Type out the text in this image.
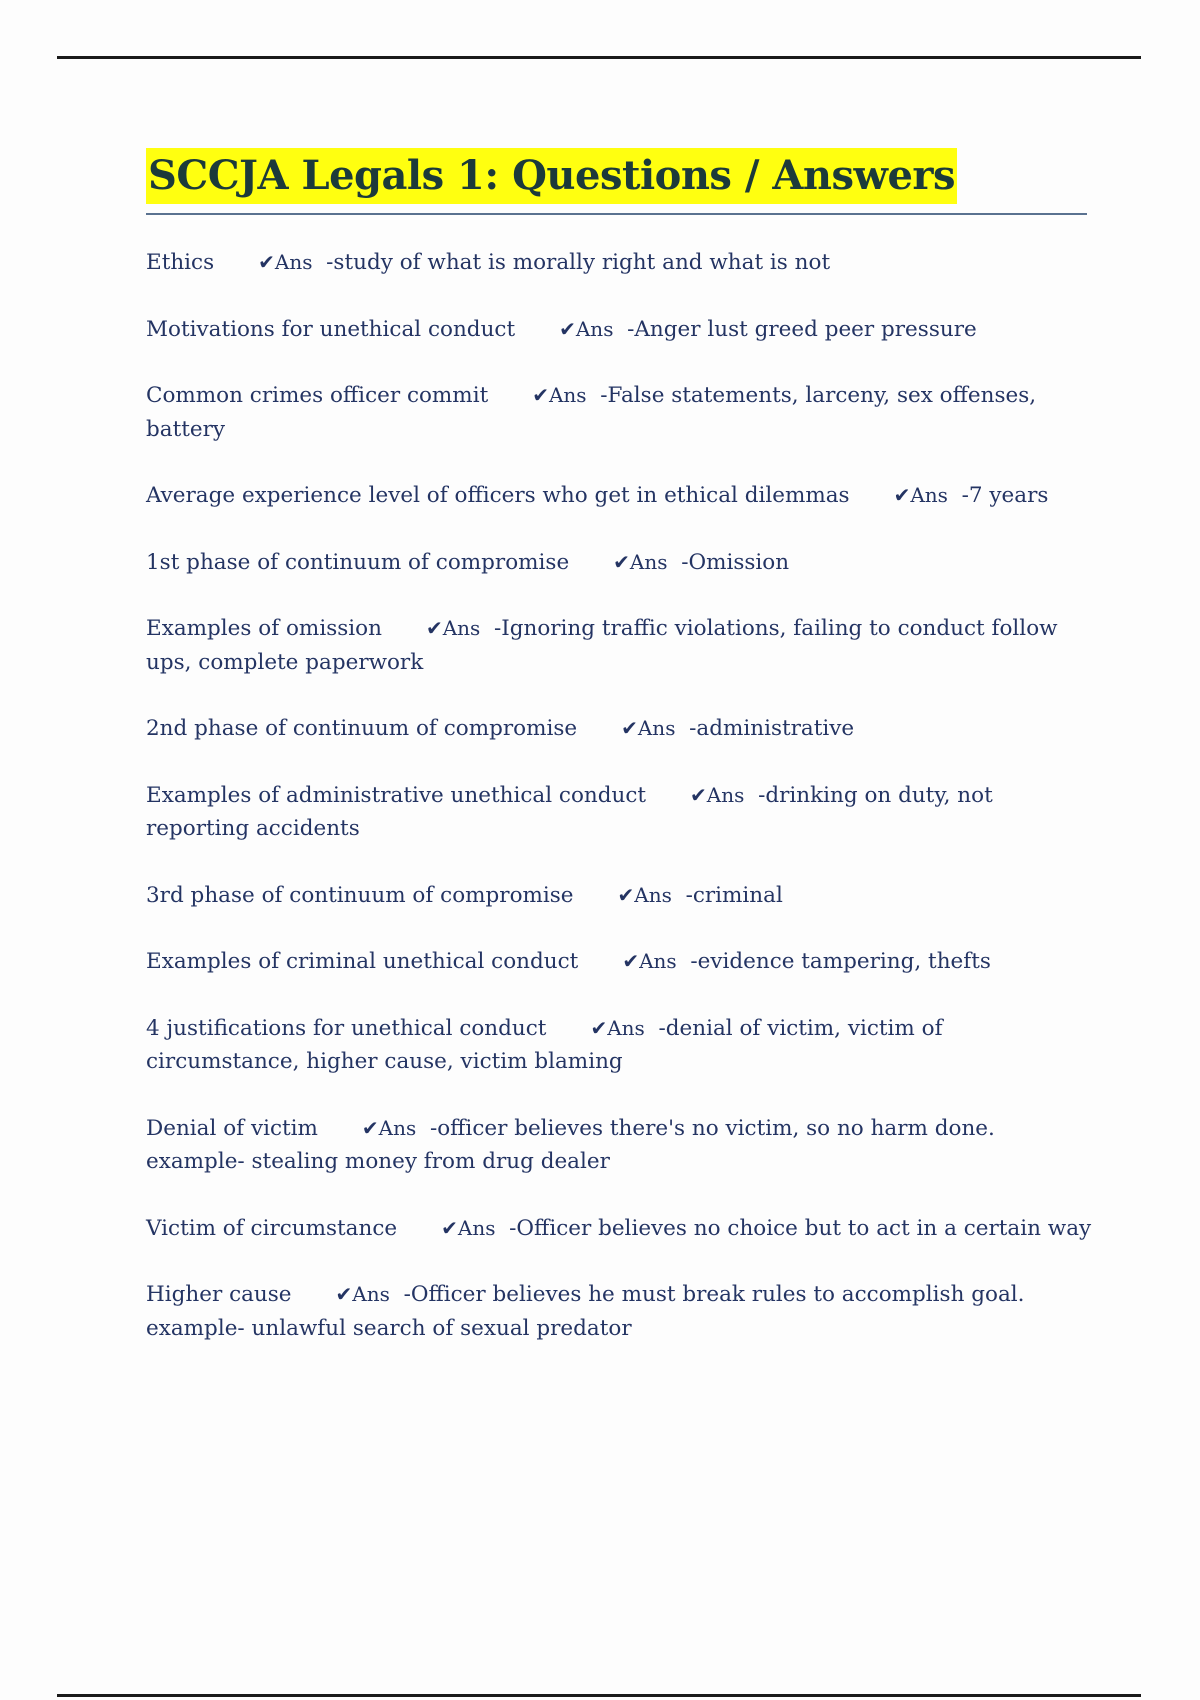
SCCJA Legals 1: Questions / Answers
Ethics ✔Ans -study of what is morally right and what is not
Motivations for unethical conduct ✔Ans -Anger lust greed peer pressure
Common crimes officer commit ✔Ans -False statements, larceny, sex offenses, battery
Average experience level of officers who get in ethical dilemmas ✔Ans -7 years
1st phase of continuum of compromise ✔Ans -Omission
Examples of omission ✔Ans -Ignoring traffic violations, failing to conduct follow ups, complete paperwork
2nd phase of continuum of compromise ✔Ans -administrative
Examples of administrative unethical conduct ✔Ans -drinking on duty, not reporting accidents
3rd phase of continuum of compromise ✔Ans -criminal
Examples of criminal unethical conduct ✔Ans -evidence tampering, thefts
4 justifications for unethical conduct ✔Ans -denial of victim, victim of circumstance, higher cause, victim blaming
Denial of victim ✔Ans -officer believes there's no victim, so no harm done. example- stealing money from drug dealer
Victim of circumstance ✔Ans -Officer believes no choice but to act in a certain way
Higher cause ✔Ans -Officer believes he must break rules to accomplish goal. example- unlawful search of sexual predator
